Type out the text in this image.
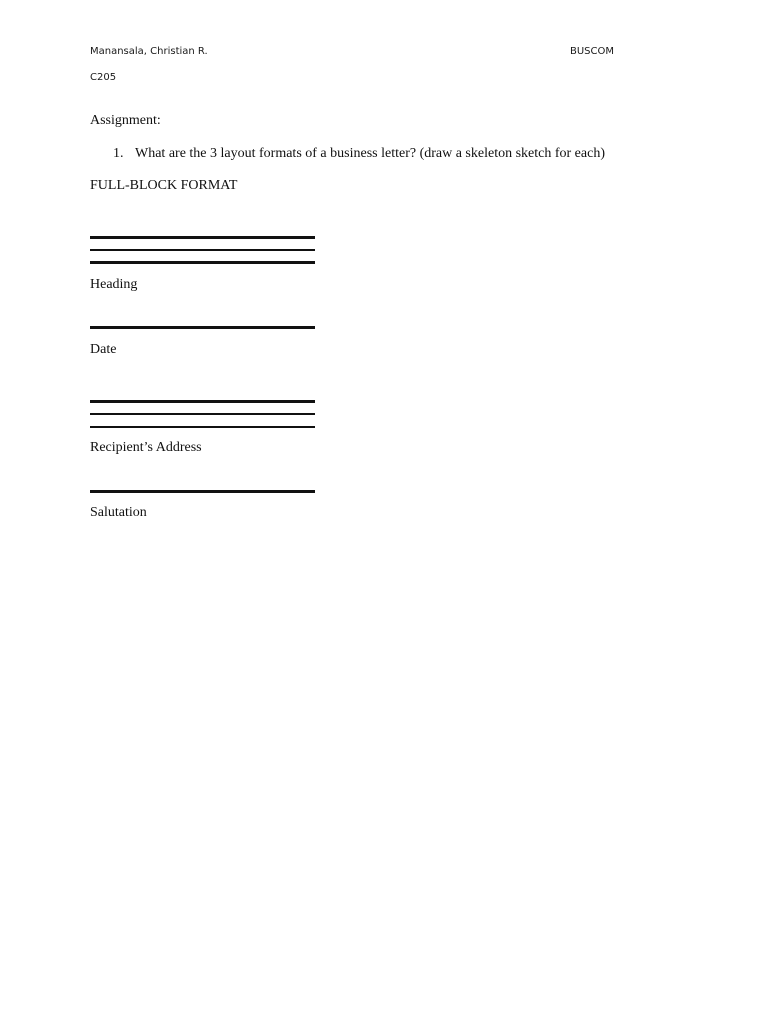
Manansala, Christian R.	BUSCOM
C205
Assignment:
1. What are the 3 layout formats of a business letter? (draw a skeleton sketch for each)
FULL-BLOCK FORMAT
Heading
Date
Recipient’s Address
Salutation
